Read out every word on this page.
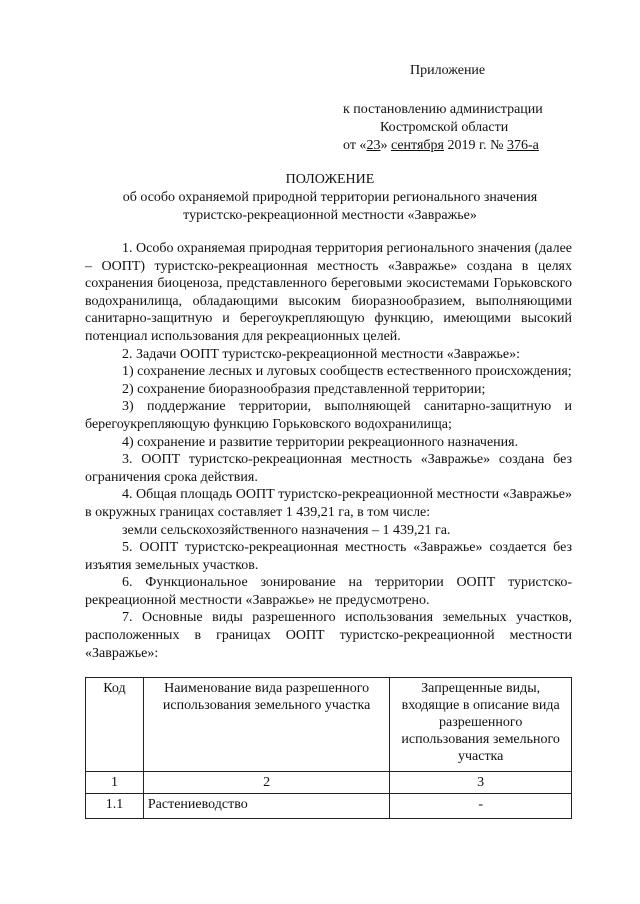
Приложение
к постановлению администрации
Костромской области
от «23» сентября 2019 г. № 376-а
ПОЛОЖЕНИЕ
об особо охраняемой природной территории регионального значения
туристско-рекреационной местности «Завражье»

1. Особо охраняемая природная территория регионального значения (далее – ООПТ) туристско-рекреационная местность «Завражье» создана в целях сохранения биоценоза, представленного береговыми экосистемами Горьковского водохранилища, обладающими высоким биоразнообразием, выполняющими санитарно-защитную и берегоукрепляющую функцию, имеющими высокий потенциал использования для рекреационных целей.

2. Задачи ООПТ туристско-рекреационной местности «Завражье»:

1) сохранение лесных и луговых сообществ естественного происхождения;

2) сохранение биоразнообразия представленной территории;

3) поддержание территории, выполняющей санитарно-защитную и берегоукрепляющую функцию Горьковского водохранилища;

4) сохранение и развитие территории рекреационного назначения.

3. ООПТ туристско-рекреационная местность «Завражье» создана без ограничения срока действия.

4. Общая площадь ООПТ туристско-рекреационной местности «Завражье» в окружных границах составляет 1 439,21 га, в том числе:

земли сельскохозяйственного назначения – 1 439,21 га.

5. ООПТ туристско-рекреационная местность «Завражье» создается без изъятия земельных участков.

6. Функциональное зонирование на территории ООПТ туристско-рекреационной местности «Завражье» не предусмотрено.

7. Основные виды разрешенного использования земельных участков, расположенных в границах ООПТ туристско-рекреационной местности «Завражье»:

Код	Наименование вида разрешенного использования земельного участка	Запрещенные виды, входящие в описание вида разрешенного использования земельного участка
1	2	3
1.1	Растениеводство	-
